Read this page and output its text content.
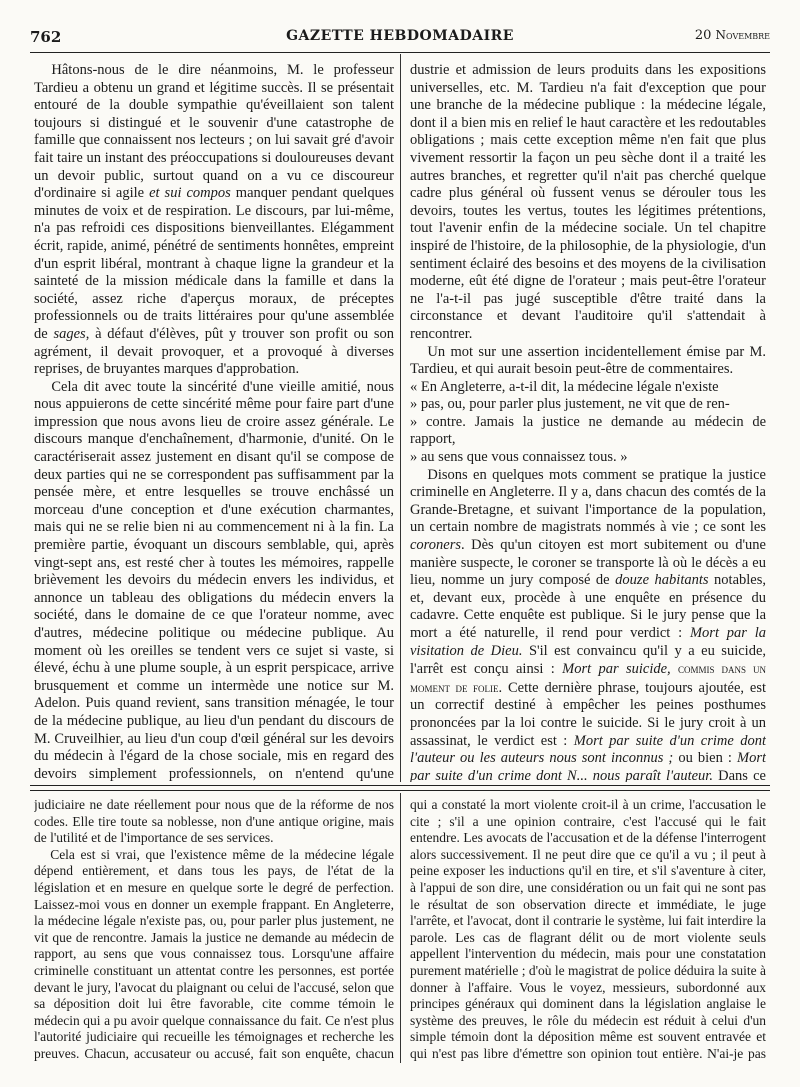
762	GAZETTE HEBDOMADAIRE	20 Novembre

Hâtons-nous de le dire néanmoins, M. le professeur Tardieu a obtenu un grand et légitime succès. Il se présentait entouré de la double sympathie qu'éveillaient son talent toujours si distingué et le souvenir d'une catastrophe de famille que connaissent nos lecteurs ; on lui savait gré d'avoir fait taire un instant des préoccupations si douloureuses devant un devoir public, surtout quand on a vu ce discoureur d'ordinaire si agile et sui compos manquer pendant quelques minutes de voix et de respiration. Le discours, par lui-même, n'a pas refroidi ces dispositions bienveillantes. Elégamment écrit, rapide, animé, pénétré de sentiments honnêtes, empreint d'un esprit libéral, montrant à chaque ligne la grandeur et la sainteté de la mission médicale dans la famille et dans la société, assez riche d'aperçus moraux, de préceptes professionnels ou de traits littéraires pour qu'une assemblée de sages, à défaut d'élèves, pût y trouver son profit ou son agrément, il devait provoquer, et a provoqué à diverses reprises, de bruyantes marques d'approbation.

Cela dit avec toute la sincérité d'une vieille amitié, nous nous appuierons de cette sincérité même pour faire part d'une impression que nous avons lieu de croire assez générale. Le discours manque d'enchaînement, d'harmonie, d'unité. On le caractériserait assez justement en disant qu'il se compose de deux parties qui ne se correspondent pas suffisamment par la pensée mère, et entre lesquelles se trouve enchâssé un morceau d'une conception et d'une exécution charmantes, mais qui ne se relie bien ni au commencement ni à la fin. La première partie, évoquant un discours semblable, qui, après vingt-sept ans, est resté cher à toutes les mémoires, rappelle brièvement les devoirs du médecin envers les individus, et annonce un tableau des obligations du médecin envers la société, dans le domaine de ce que l'orateur nomme, avec d'autres, médecine politique ou médecine publique. Au moment où les oreilles se tendent vers ce sujet si vaste, si élevé, échu à une plume souple, à un esprit perspicace, arrive brusquement et comme un intermède une notice sur M. Adelon. Puis quand revient, sans transition ménagée, le tour de la médecine publique, au lieu d'un pendant du discours de M. Cruveilhier, au lieu d'un coup d'œil général sur les devoirs du médecin à l'égard de la chose sociale, mis en regard des devoirs simplement professionnels, on n'entend qu'une

dustrie et admission de leurs produits dans les expositions universelles, etc. M. Tardieu n'a fait d'exception que pour une branche de la médecine publique : la médecine légale, dont il a bien mis en relief le haut caractère et les redoutables obligations ; mais cette exception même n'en fait que plus vivement ressortir la façon un peu sèche dont il a traité les autres branches, et regretter qu'il n'ait pas cherché quelque cadre plus général où fussent venus se dérouler tous les devoirs, toutes les vertus, toutes les légitimes prétentions, tout l'avenir enfin de la médecine sociale. Un tel chapitre inspiré de l'histoire, de la philosophie, de la physiologie, d'un sentiment éclairé des besoins et des moyens de la civilisation moderne, eût été digne de l'orateur ; mais peut-être l'orateur ne l'a-t-il pas jugé susceptible d'être traité dans la circonstance et devant l'auditoire qu'il s'attendait à rencontrer.

Un mot sur une assertion incidentellement émise par M. Tardieu, et qui aurait besoin peut-être de commentaires.

« En Angleterre, a-t-il dit, la médecine légale n'existe

» pas, ou, pour parler plus justement, ne vit que de ren-

» contre. Jamais la justice ne demande au médecin de rapport,

» au sens que vous connaissez tous. »

Disons en quelques mots comment se pratique la justice criminelle en Angleterre. Il y a, dans chacun des comtés de la Grande-Bretagne, et suivant l'importance de la population, un certain nombre de magistrats nommés à vie ; ce sont les coroners. Dès qu'un citoyen est mort subitement ou d'une manière suspecte, le coroner se transporte là où le décès a eu lieu, nomme un jury composé de douze habitants notables, et, devant eux, procède à une enquête en présence du cadavre. Cette enquête est publique. Si le jury pense que la mort a été naturelle, il rend pour verdict : Mort par la visitation de Dieu. S'il est convaincu qu'il y a eu suicide, l'arrêt est conçu ainsi : Mort par suicide, commis dans un moment de folie. Cette dernière phrase, toujours ajoutée, est un correctif destiné à empêcher les peines posthumes prononcées par la loi contre le suicide. Si le jury croit à un assassinat, le verdict est : Mort par suite d'un crime dont l'auteur ou les auteurs nous sont inconnus ; ou bien : Mort par suite d'un crime dont N... nous paraît l'auteur. Dans ce

judiciaire ne date réellement pour nous que de la réforme de nos codes. Elle tire toute sa noblesse, non d'une antique origine, mais de l'utilité et de l'importance de ses services.

Cela est si vrai, que l'existence même de la médecine légale dépend entièrement, et dans tous les pays, de l'état de la législation et en mesure en quelque sorte le degré de perfection. Laissez-moi vous en donner un exemple frappant. En Angleterre, la médecine légale n'existe pas, ou, pour parler plus justement, ne vit que de rencontre. Jamais la justice ne demande au médecin de rapport, au sens que vous connaissez tous. Lorsqu'une affaire criminelle constituant un attentat contre les personnes, est portée devant le jury, l'avocat du plaignant ou celui de l'accusé, selon que sa déposition doit lui être favorable, cite comme témoin le médecin qui a pu avoir quelque connaissance du fait. Ce n'est plus l'autorité judiciaire qui recueille les témoignages et recherche les preuves. Chacun, accusateur ou accusé, fait son enquête, chacun

qui a constaté la mort violente croit-il à un crime, l'accusation le cite ; s'il a une opinion contraire, c'est l'accusé qui le fait entendre. Les avocats de l'accusation et de la défense l'interrogent alors successivement. Il ne peut dire que ce qu'il a vu ; il peut à peine exposer les inductions qu'il en tire, et s'il s'aventure à citer, à l'appui de son dire, une considération ou un fait qui ne sont pas le résultat de son observation directe et immédiate, le juge l'arrête, et l'avocat, dont il contrarie le système, lui fait interdire la parole. Les cas de flagrant délit ou de mort violente seuls appellent l'intervention du médecin, mais pour une constatation purement matérielle ; d'où le magistrat de police déduira la suite à donner à l'affaire. Vous le voyez, messieurs, subordonné aux principes généraux qui dominent dans la législation anglaise le système des preuves, le rôle du médecin est réduit à celui d'un simple témoin dont la déposition même est souvent entravée et qui n'est pas libre d'émettre son opinion tout entière. N'ai-je pas
